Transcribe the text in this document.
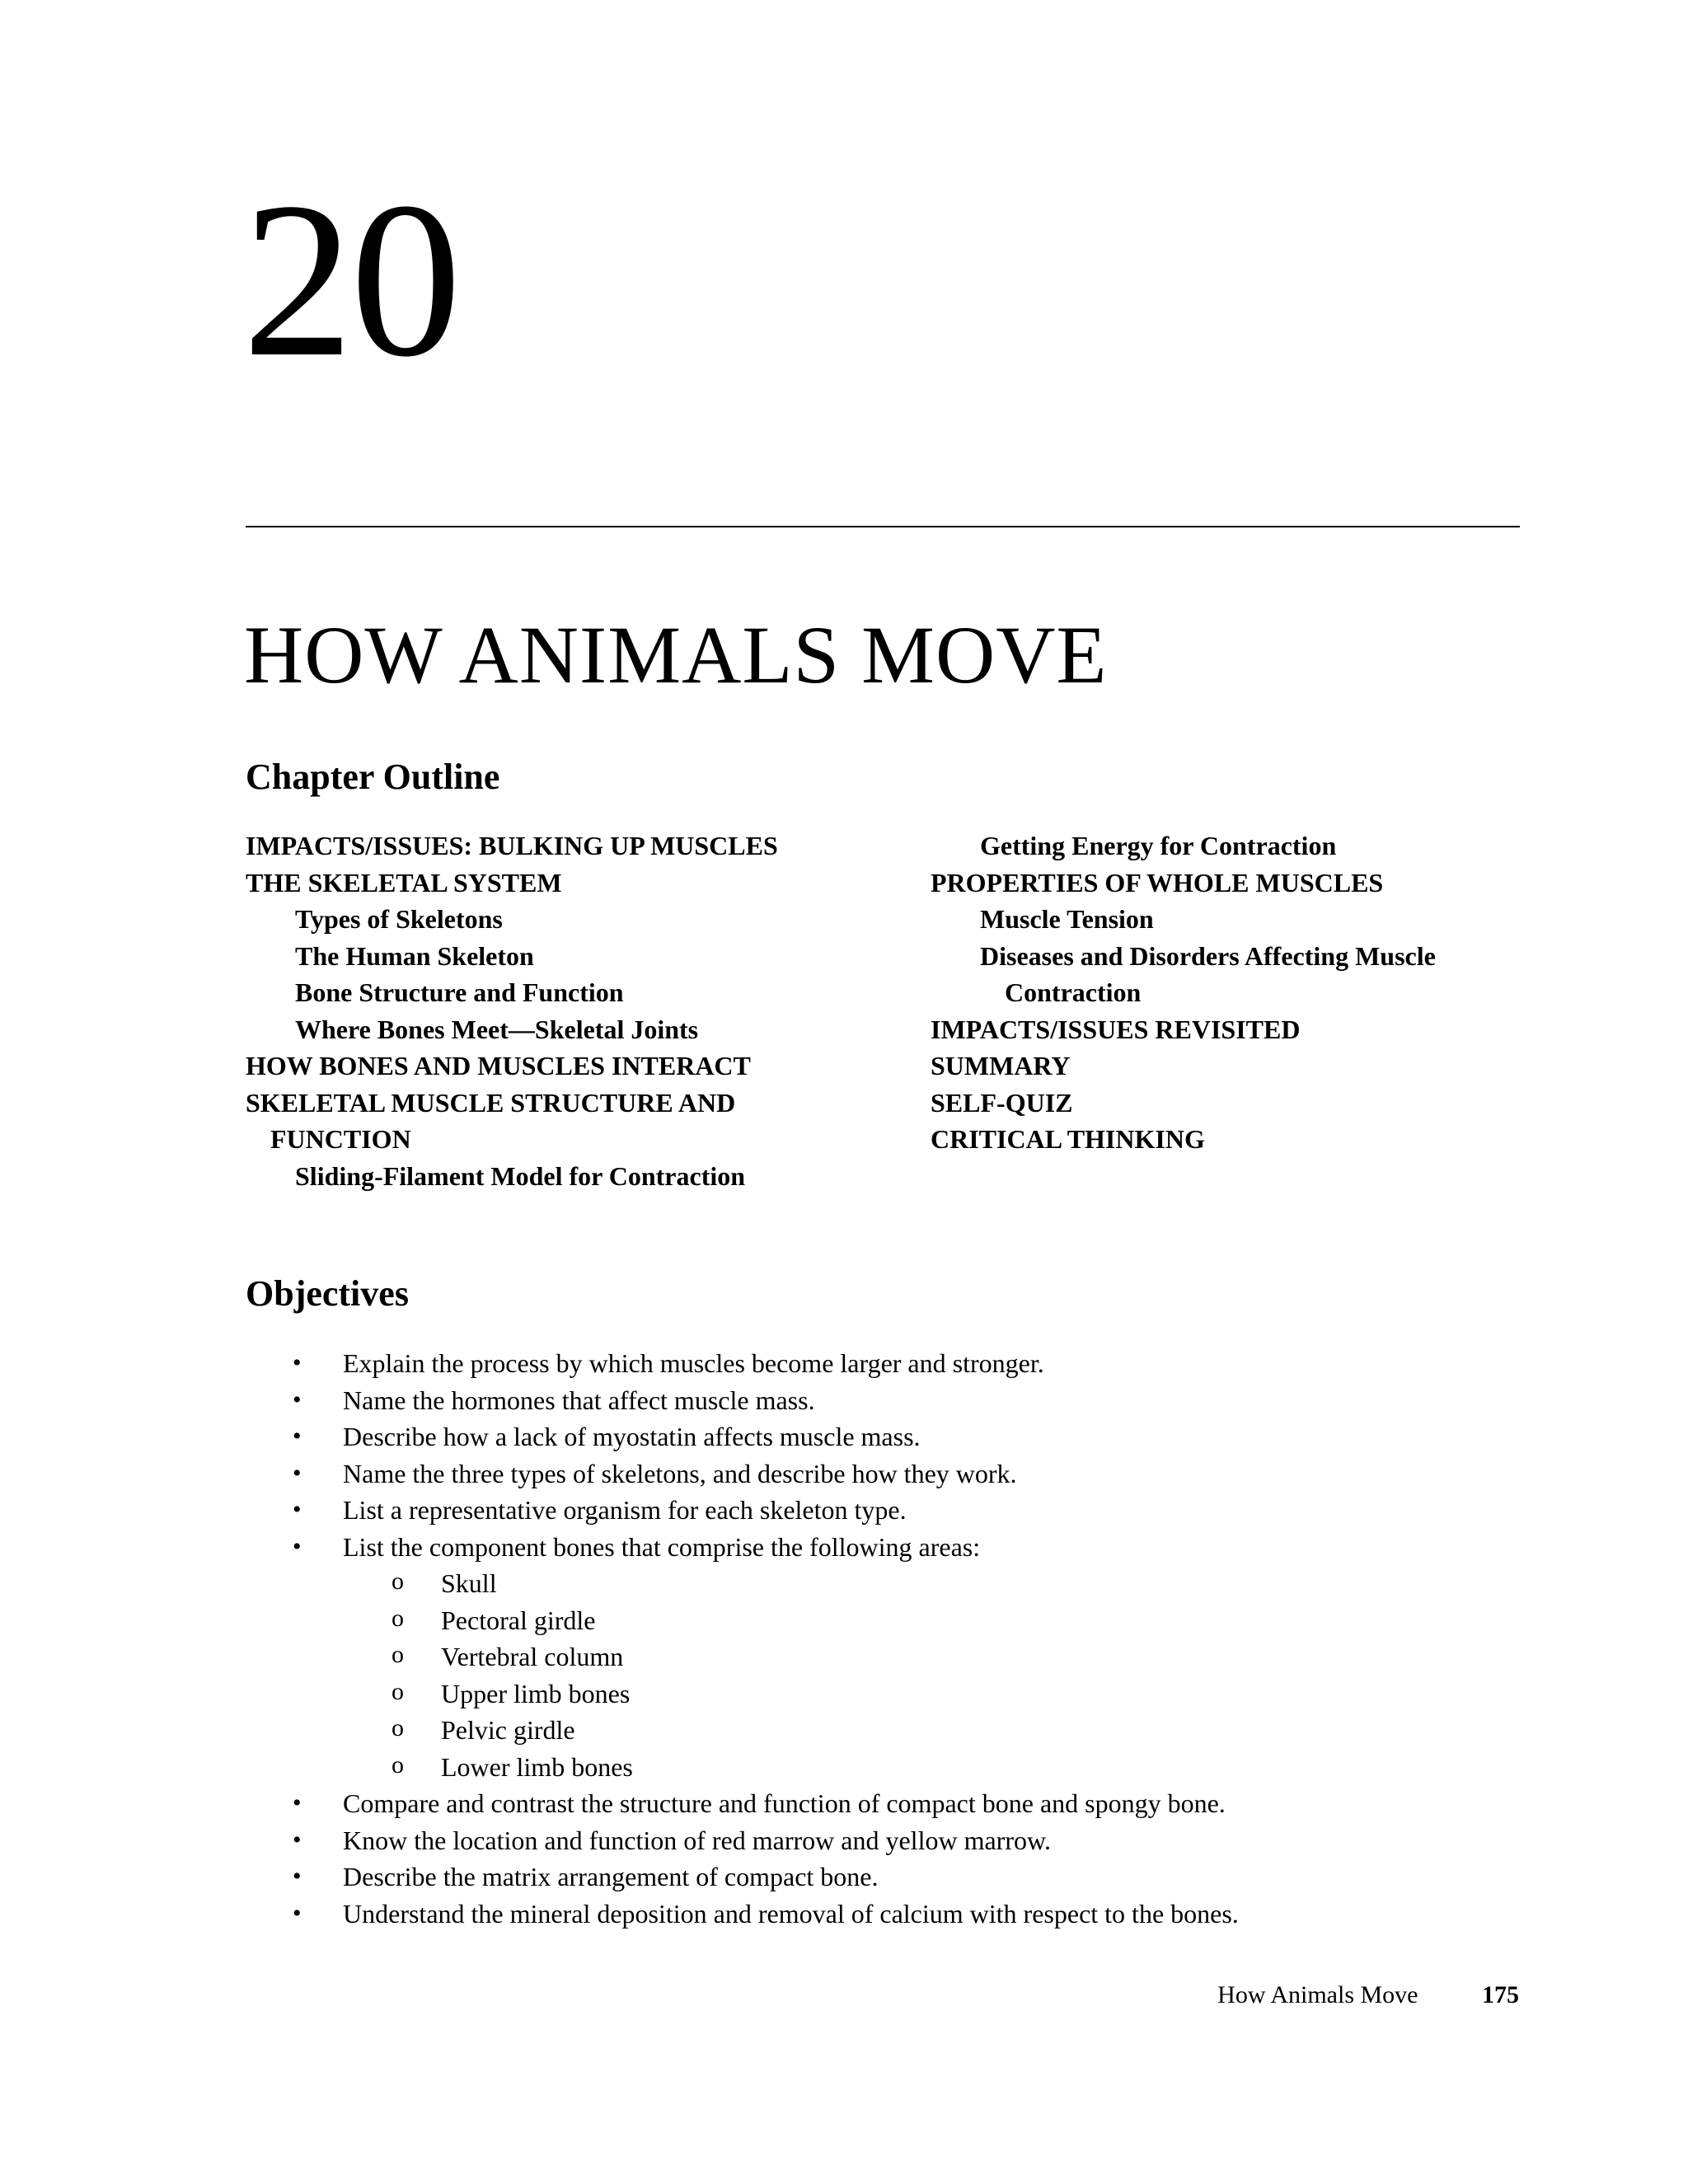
20
HOW ANIMALS MOVE
Chapter Outline
IMPACTS/ISSUES: BULKING UP MUSCLES
THE SKELETAL SYSTEM
Types of Skeletons
The Human Skeleton
Bone Structure and Function
Where Bones Meet—Skeletal Joints
HOW BONES AND MUSCLES INTERACT
SKELETAL MUSCLE STRUCTURE AND
FUNCTION
Sliding-Filament Model for Contraction
Getting Energy for Contraction
PROPERTIES OF WHOLE MUSCLES
Muscle Tension
Diseases and Disorders Affecting Muscle
Contraction
IMPACTS/ISSUES REVISITED
SUMMARY
SELF-QUIZ
CRITICAL THINKING
Objectives
• Explain the process by which muscles become larger and stronger.
• Name the hormones that affect muscle mass.
• Describe how a lack of myostatin affects muscle mass.
• Name the three types of skeletons, and describe how they work.
• List a representative organism for each skeleton type.
• List the component bones that comprise the following areas:
o Skull
o Pectoral girdle
o Vertebral column
o Upper limb bones
o Pelvic girdle
o Lower limb bones
• Compare and contrast the structure and function of compact bone and spongy bone.
• Know the location and function of red marrow and yellow marrow.
• Describe the matrix arrangement of compact bone.
• Understand the mineral deposition and removal of calcium with respect to the bones.
How Animals Move	175
